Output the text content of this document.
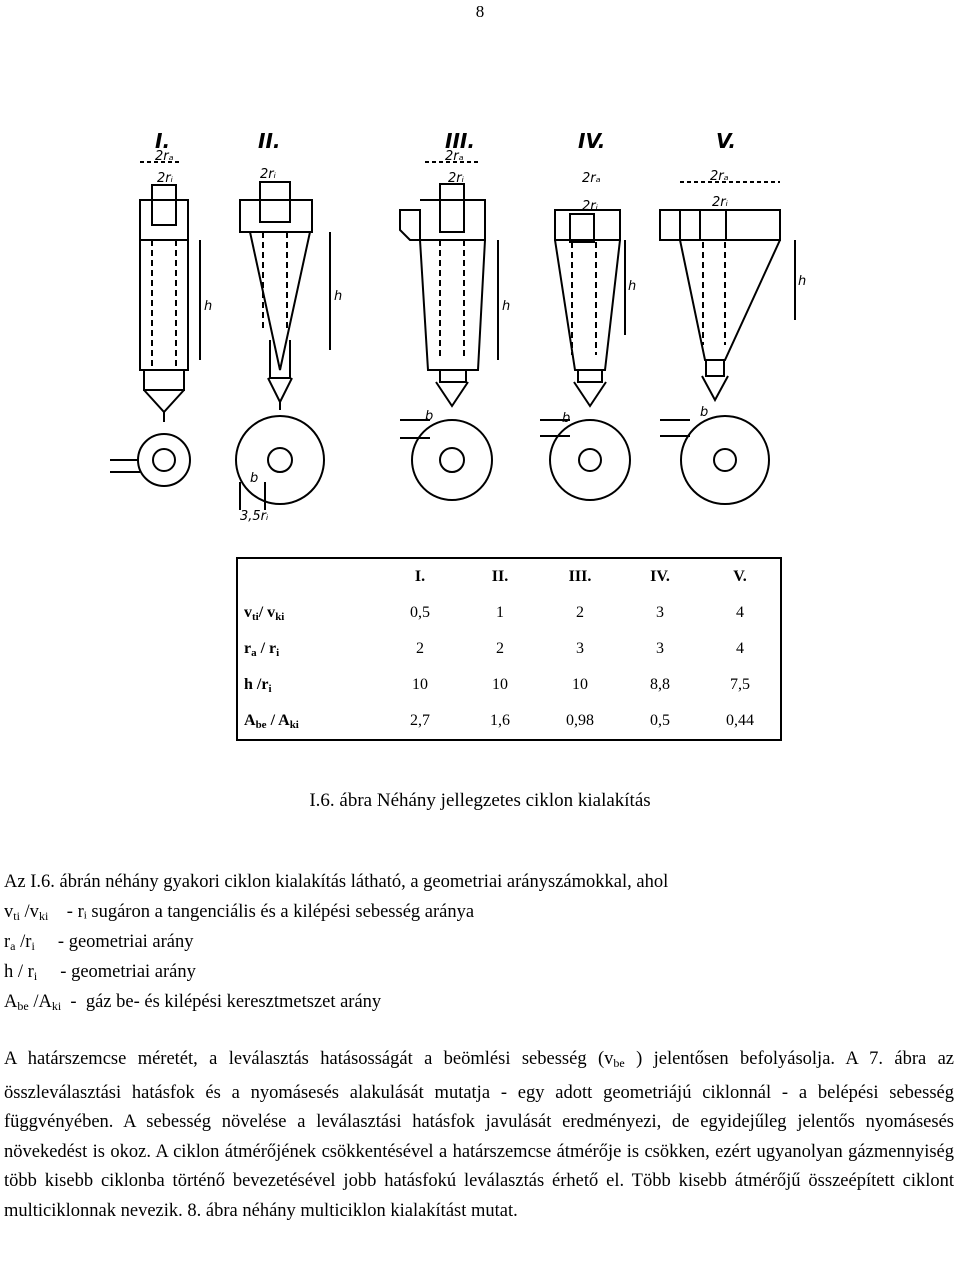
8
I.	II.	III.	IV.	V.
2rₐ
2rᵢ
h
2rᵢ
h
b
3,5rᵢ
2rₐ
2rᵢ
h
b
2rₐ
2rᵢ
h
b
2rₐ
2rᵢ
h
b
	I.	II.	III.	IV.	V.
$v_{ti}/$ $v_{ki}$	0,5	1	2	3	4
$r_a / r_i$	2	2	3	3	4
h $/r_i$	10	10	10	8,8	7,5
$A_{be} / A_{ki}$	2,7	1,6	0,98	0,5	0,44
I.6. ábra Néhány jellegzetes ciklon kialakítás
Az I.6. ábrán néhány gyakori ciklon kialakítás látható, a geometriai arányszámokkal, ahol
$v_{ti}$ $/v_{ki}$    - rᵢ sugáron a tangenciális és a kilépési sebesség aránya
$r_a$ $/r_i$     - geometriai arány
h / $r_i$     - geometriai arány
$A_{be}$ $/A_{ki}$  -  gáz be- és kilépési keresztmetszet arány
A határszemcse méretét, a leválasztás hatásosságát a beömlési sebesség ($v_{be}$ ) jelentősen befolyásolja. A 7. ábra az összleválasztási hatásfok és a nyomásesés alakulását mutatja - egy adott geometriájú ciklonnál - a belépési sebesség függvényében. A sebesség növelése a leválasztási hatásfok javulását eredményezi, de egyidejűleg jelentős nyomásesés növekedést is okoz. A ciklon átmérőjének csökkentésével a határszemcse átmérője is csökken, ezért ugyanolyan gázmennyiség több kisebb ciklonba történő bevezetésével jobb hatásfokú leválasztás érhető el. Több kisebb átmérőjű összeépített ciklont multiciklonnak nevezik. 8. ábra néhány multiciklon kialakítást mutat.
